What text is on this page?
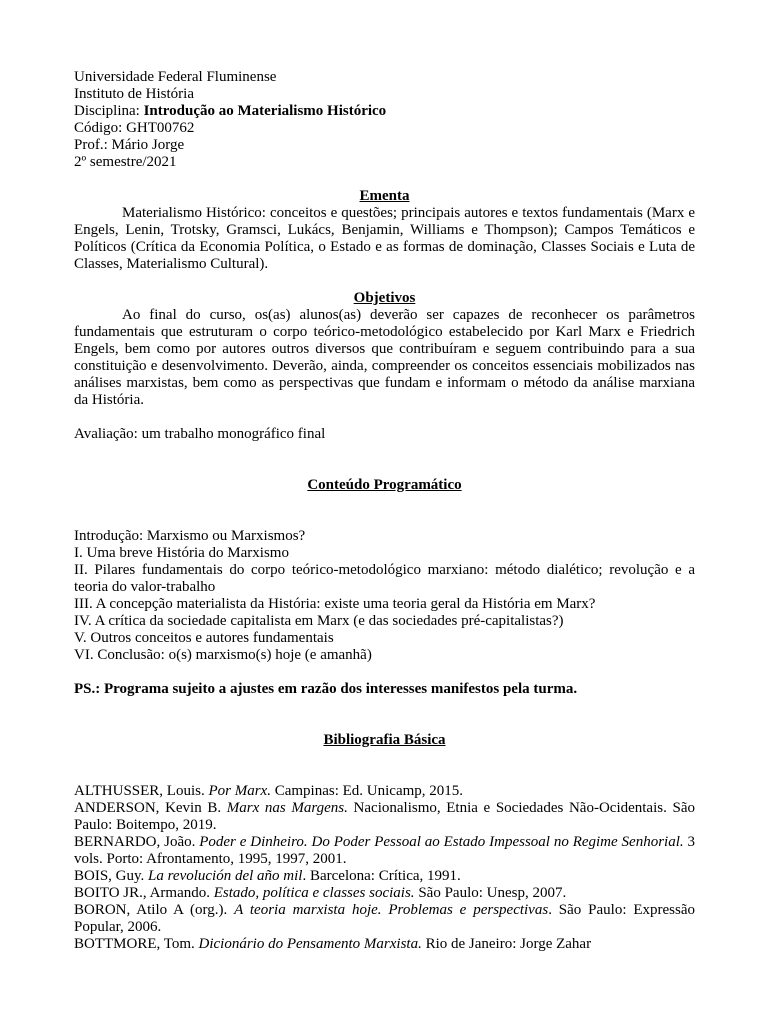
Universidade Federal Fluminense
Instituto de História
Disciplina: Introdução ao Materialismo Histórico
Código: GHT00762
Prof.: Mário Jorge
2º semestre/2021
Ementa
Materialismo Histórico: conceitos e questões; principais autores e textos fundamentais (Marx e Engels, Lenin, Trotsky, Gramsci, Lukács, Benjamin, Williams e Thompson); Campos Temáticos e Políticos (Crítica da Economia Política, o Estado e as formas de dominação, Classes Sociais e Luta de Classes, Materialismo Cultural).
Objetivos
Ao final do curso, os(as) alunos(as) deverão ser capazes de reconhecer os parâmetros fundamentais que estruturam o corpo teórico-metodológico estabelecido por Karl Marx e Friedrich Engels, bem como por autores outros diversos que contribuíram e seguem contribuindo para a sua constituição e desenvolvimento. Deverão, ainda, compreender os conceitos essenciais mobilizados nas análises marxistas, bem como as perspectivas que fundam e informam o método da análise marxiana da História.
Avaliação: um trabalho monográfico final
Conteúdo Programático
Introdução: Marxismo ou Marxismos?
I. Uma breve História do Marxismo
II. Pilares fundamentais do corpo teórico-metodológico marxiano: método dialético; revolução e a teoria do valor-trabalho
III. A concepção materialista da História: existe uma teoria geral da História em Marx?
IV. A crítica da sociedade capitalista em Marx (e das sociedades pré-capitalistas?)
V. Outros conceitos e autores fundamentais
VI. Conclusão: o(s) marxismo(s) hoje (e amanhã)
PS.: Programa sujeito a ajustes em razão dos interesses manifestos pela turma.
Bibliografia Básica
ALTHUSSER, Louis. Por Marx. Campinas: Ed. Unicamp, 2015.
ANDERSON, Kevin B. Marx nas Margens. Nacionalismo, Etnia e Sociedades Não-Ocidentais. São Paulo: Boitempo, 2019.
BERNARDO, João. Poder e Dinheiro. Do Poder Pessoal ao Estado Impessoal no Regime Senhorial. 3 vols. Porto: Afrontamento, 1995, 1997, 2001.
BOIS, Guy. La revolución del año mil. Barcelona: Crítica, 1991.
BOITO JR., Armando. Estado, política e classes sociais. São Paulo: Unesp, 2007.
BORON, Atilo A (org.). A teoria marxista hoje. Problemas e perspectivas. São Paulo: Expressão Popular, 2006.
BOTTMORE, Tom. Dicionário do Pensamento Marxista. Rio de Janeiro: Jorge Zahar
